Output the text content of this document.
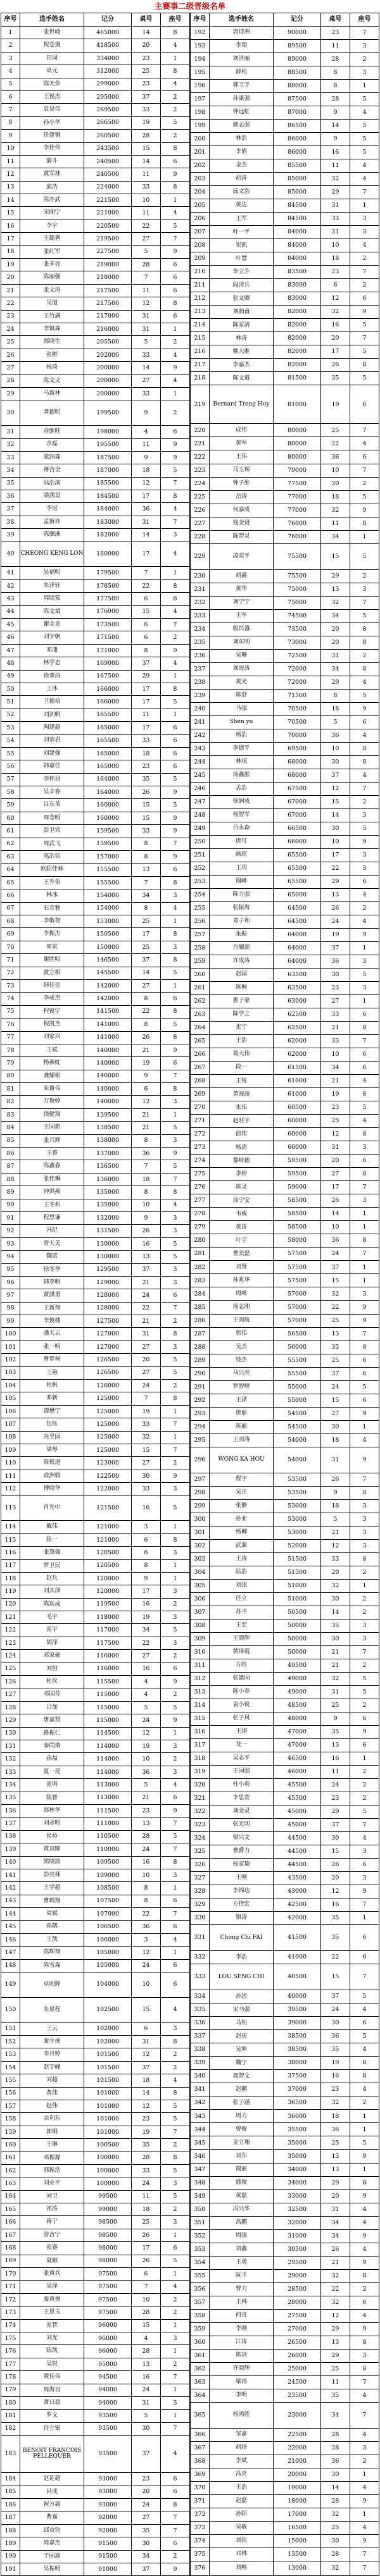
主赛事二级晋级名单
序号	选手姓名	记分	桌号	座号
1	张世岐	465000	14	8
2	倪苍盛	418500	20	4
3	田园	334000	23	1
4	高元	312000	25	8
5	陈天华	299000	23	4
6	王锐杰	295000	37	2
7	袁显伟	269500	33	2
8	孙小华	266500	19	5
9	任建钢	260500	28	2
10	李佳伟	243500	15	8
11	薛斗	240500	14	6
12	黄军林	240500	11	9
13	邱浩	224000	33	8
14	陈亦武	221500	10	1
15	宋刚宁	221000	11	4
16	李宇	220500	22	5
17	王懿奢	219500	27	7
18	张红军	227500	5	9
19	张丰亮	219000	28	6
20	陈丽强	218000	7	6
21	张文涛	217500	11	6
22	吴旭	217500	12	8
23	王竹满	217000	31	6
24	李镇森	216000	31	1
25	郑晓生	205500	5	2
26	张彬	202000	33	4
27	杨琦	200000	14	9
28	陈文义	200000	27	4
29	马新林	200000	33	1
30	龚德明	199500	9	2
31	俞继旺	198000	4	6
32	余磊	195500	11	9
33	梁润森	187500	9	9
34	蒋吉全	187000	18	5
35	陆浩滨	185500	12	7
36	梁满昊	184500	17	8
37	李冠	184000	36	4
38	孟新亦	183000	31	7
39	陈骤洲	182000	14	3
40	CHEONG KENG LON	180000	17	4
41	吴福明	179500	7	1
42	朱泽轩	178500	22	8
43	周晓棠	177500	6	6
44	陈文斌	176000	15	4
45	谢金龙	173500	6	7
46	刘宇朝	171500	6	2
47	邓潇	171000	8	9
48	林学忠	169000	37	4
49	徐睿涛	167500	29	1
50	王沐	166000	17	8
51	卫德培	166000	17	5
52	刘剑帆	165500	11	1
53	陶建超	165000	17	6
54	刘恭君	165500	33	6
55	刘建强	165000	18	6
56	韩嘉任	165000	23	6
57	李怀昌	164000	35	5
58	吴丰春	164000	26	9
59	吕东苇	160000	15	5
60	周念明	160000	15	9
61	彭卫宾	159500	33	9
62	周武飞	159500	8	7
63	陈浩铭	157000	8	9
64	欧阳佳林	155500	13	6
65	王乔侨	155500	7	8
66	林冰	154000	34	3
67	石宜雅	154000	8	4
68	李敬智	153000	25	1
69	李振杰	150500	17	8
70	周寅	150000	25	3
71	谢胜明	146500	37	8
72	黄立根	145500	14	5
73	韩佳佳	142000	27	1
74	李成杰	142000	8	6
75	程锐宇	141500	22	8
76	倪凯杰	141000	8	5
77	刘家兴	141000	26	8
78	王斌	140000	21	9
79	杨燕虹	140000	19	6
80	龚耀彬	140000	9	7
81	朱鲁伟	140000	6	8
82	万俊婷	140000	12	3
83	饶健翔	139500	21	1
84	王国新	138500	21	5
85	张兴辉	138000	8	3
86	王睿	137000	36	9
87	陈鑫春	136500	7	5
88	张佳琳	136000	18	7
89	钟洪燕	135000	8	8
90	王冬和	135000	10	4
91	程思谦	132000	9	3
92	冯纪	131500	26	3
93	曾天美	130000	16	5
94	魏铭	130000	13	5
95	徐冬华	129500	37	3
96	韩李帆	129000	21	3
97	黄骐勇	128000	24	6
98	王新翔	128000	22	7
99	李俊楼	127500	21	2
100	潘天云	127000	31	8
101	张一明	127000	27	3
102	曹梦柯	126500	20	5
103	王艳	126500	27	5
104	杜帆	126000	24	2
105	邓新	125000	7	8
106	谭懋宁	125000	19	1
107	伍钰	125000	33	7
108	冼孚园	125000	32	1
109	梁琴	125000	15	7
110	简悦进	123000	27	2
111	俞洲骏	122500	30	9
112	博晓华	122000	33	3
113	肖先中	121500	16	5
114	戴伟	121000	3	1
115	陈一	121000	6	8
116	张慧强	120500	6	3
117	罗卫民	120500	8	1
118	赵兵	120000	9	1
119	刘其泽	120000	17	3
120	陈远成	119500	16	2
121	毛宇	118000	19	3
122	张宇	117000	34	5
123	胡泽	117500	22	3
124	邓家豪	116000	27	2
125	刘恒	116000	16	6
126	杜侯	115500	4	9
127	邓国芬	115000	4	2
128	吕加	115000	5	5
129	唐嘉贤	115000	24	9
130	路振仁	114500	12	1
131	秦尚瑞	114000	19	3
132	孙喆	114000	10	2
133	夏一尾	114000	36	3
134	张明	113000	5	4
135	陈智	113000	21	6
136	郑林华	111500	23	9
137	刘永明	111000	13	7
138	侯岭	110500	28	5
139	黄双顺	110000	24	7
140	熊晓波	109500	16	8
141	彭亮林	109000	10	3
142	王学超	108500	8	1
143	曹鹤翔	107500	8	6
144	周斌	107000	22	7
145	孙鹤	106500	36	6
146	王凯	106000	3	4
147	陈辉翔	105000	12	1
148	陈雪森	105000	24	6
149	卓则辉	104000	10	6
150	朱星程	102500	15	4
151	王云	102000	6	3
152	秦少虎	102000	31	8
153	李月婷	101500	12	2
154	赵宇峰	101500	37	2
155	刘超	101500	18	4
156	黄伟	101000	14	8
157	赵伟	101000	12	5
158	余利东	101000	23	5
159	郭刚	101000	19	7
160	王琳	100500	35	2
161	邓振源	100000	28	8
162	郭振浩	100000	33	5
163	刘业平	100000	24	3
164	刘卫	99500	11	5
165	祁涛	99000	18	2
166	蒋宁	98500	25	3
167	管吉宁	98500	26	1
168	张睿	98000	17	6
169	聂顺	98000	26	5
170	张黄兵	97500	6	1
171	吴泽	97500	7	4
172	秦黄俊	97500	10	2
173	王思玉	97500	28	2
174	张智	96000	15	1
175	刘光	96000	4	3
176	陈凯	96000	28	1
177	吴锐	95000	13	2
178	黄佳伟	94500	16	7
179	周海良	94000	24	1
180	萧曰晨	94000	31	3
181	罗文	93500	5	1
182	许立银	93500	30	7
183	BENOIT FRANCOIS PELLEQUER	93500	37	4
184	赵延超	93000	23	6
185	吕成	93000	20	6
186	祝方庸	93000	24	8
187	曹嘉	92000	27	7
188	邱贡钧	92000	35	7
189	周嘉杰	91500	30	6
190	于国嵩	91500	34	2
191	吴振明	91000	37	9
序号	选手姓名	记分	桌号	座号
192	唐诗洲	90000	23	7
193	李翔	89500	11	3
194	刘济丽	89000	28	2
195	薛松	88500	8	3
196	郭卫学	88000	8	1
197	孙康强	87500	28	5
198	钟远虹	87000	9	4
199	颜志强	86500	14	5
200	林浩	86000	9	5
201	李倩	86000	16	5
202	金杰	85500	11	4
203	胡涛	85000	32	4
204	戚文浩	85000	29	7
205	黄达	84500	31	1
206	王军	84500	33	3
207	叶一平	84000	31	3
208	崔凯	84000	10	4
209	叶慧	84000	18	2
210	华立升	83500	23	7
211	段清兵	83000	6	2
212	张文卿	83000	12	6
213	刘润甫	82000	32	9
214	陈家清	82000	16	5
215	林涛	82000	20	7
216	姚大维	82000	17	5
217	李嘉杰	82000	26	8
218	陈文道	81500	35	5
219	Bernard Trong Huy	81000	19	6
220	成伟	80000	25	7
221	黄军	80000	22	4
222	王伟	80000	36	6
223	马玉琛	79000	10	7
224	钟子维	77500	20	2
225	岳涛	77000	18	5
226	何嘉成	77000	32	9
227	钱金贤	76000	11	8
228	陈智灵	76000	34	1
229	凌奕平	75500	15	5
230	胡鑫	75500	29	2
231	黄华	75000	13	3
232	刘宁宁	75000	32	7
233	王军	74500	34	5
234	殷昌盛	73500	20	8
235	刘东明	73000	20	8
236	吴珊	72500	31	2
237	刘海涛	72000	34	8
238	黄光	72000	29	4
239	陈舒	71500	8	5
240	马强	70500	18	9
241	Shen yu	70500	5	6
242	杨浩	70000	36	4
243	李德平	69500	10	8
244	林琪	68000	30	8
245	汤鑫淞	68000	37	4
246	孟浩	67500	12	7
247	徐润成	67000	15	2
248	杨智军	67000	14	3
249	吕永森	66500	30	5
250	唐可	66000	10	9
251	顾欣	65500	17	3
252	王玥	65500	22	3
253	谢峰	65500	29	6
254	陈力强	65000	13	4
255	张振海	64500	26	2
256	邓子和	64500	24	4
257	朱振	64000	19	9
258	肖耀源	64000	37	1
259	许成涛	64000	36	3
260	赵国	63500	30	5
261	陈桐	63500	23	3
262	瞿子豪	63000	27	1
263	陈学之	62500	33	6
264	张宁	62500	21	8
265	王浩	62000	33	7
266	葛大伟	62000	10	6
267	段一	61500	34	6
268	王锐	61000	21	4
269	黄海波	61000	19	8
270	朱伟	60500	23	5
271	赵旺宇	60000	25	4
272	邱伟	60000	12	8
273	杨清	60000	31	3
274	黎岭德	59500	20	6
275	李婷	59500	27	8
276	陈灵	59000	17	7
277	汤宁安	58500	26	3
278	韦威	58500	14	1
279	黄涛	58500	10	1
280	叶宇	58000	36	8
281	曹奕磊	57500	24	7
282	刘贤	57500	37	1
283	孙兆华	57500	15	1
284	周峰	57000	32	3
285	汤志刚	57000	22	9
286	王雨航	57000	25	9
287	郭伟	56500	13	7
288	吴杰	56000	35	8
289	钱杰	55500	25	6
290	马兴亮	55500	37	6
291	罗智峰	55000	24	5
292	王泽	55000	15	6
293	唐丽	54500	27	9
294	陈丽	54500	30	1
295	王雨涛	54000	18	4
296	WONG KA HOU	54000	31	9
297	程宇	53500	26	7
298	吴正	53500	9	8
299	张静	53000	18	3
300	孙亚	53000	5	3
301	杨柳	53000	21	3
302	武翼	52000	12	3
303	王涛	51500	33	8
304	陆浩	51500	20	2
305	刘强	51000	32	1
306	任立	51000	30	2
307	苏平	50500	14	2
308	王宏	50000	35	3
309	王晓辉	50000	30	3
310	黄译霞	50000	21	7
311	方皓	49500	21	2
312	张建国	49000	32	5
313	陈小春	49000	31	5
314	袁小锐	48500	25	2
315	张子风	48000	9	6
316	王翊	47000	35	9
317	龙一	47000	13	6
318	吴志平	46500	16	1
319	王国强	46000	11	2
320	杜小莉	45500	24	2
321	李思萱	45500	23	2
322	刘金灵	45000	29	5
323	张光明	45000	37	7
324	梁兴文	44500	30	4
325	曹爵力	44500	15	3
326	杨家瑜	44500	26	6
327	王刚	43500	20	3
328	李锦达	43000	12	9
329	方佳宏	42500	16	7
330	慎涛	42000	35	1
331	Chong Chi FAI	41500	35	6
332	李浩	41000	22	6
333	LOU SENG CHI	40500	15	7
334	孙思	40000	37	5
335	宋书强	39500	24	4
336	马钊	39000	30	6
337	赵庆	38500	36	5
338	吴坤	38500	35	4
339	魏宁	38000	19	8
340	周智文	37500	16	8
341	赵鹏	37000	23	4
342	张子涵	36500	32	2
343	周力	36000	18	1
344	曾俊	35500	36	1
345	金立珊	35000	25	5
346	刘东	35000	13	9
347	谢丽	34000	13	1
348	盛俊	34000	29	8
349	黄磊	33000	20	9
350	冯兴华	32500	31	4
351	高鹏	32000	34	4
352	周强	31000	34	9
353	刘鑫	30500	26	4
354	王勇	29500	21	9
355	阮平	29000	32	8
356	曹力	28500	22	2
357	王林	28000	32	6
358	何良	27500	12	4
359	李刚	27000	29	9
360	江涛	26500	13	8
361	陈剑	26000	29	3
362	许晓辉	25000	25	8
363	梁雨	24500	11	7
364	李明	23500	35	4
365	杨鸿胜	23000	34	7
366	邹嘉	22500	28	4
367	胡扬	22000	28	3
368	李斌	21000	36	2
369	冯亮	20000	30	1
370	王浩	19000	14	4
371	赵磊	18000	28	9
372	孙阳	17000	32	1
373	吴敏	16500	25	4
374	刘钦	15000	30	9
375	邓林	13500	28	7
376	刘畅	13000	32	7
